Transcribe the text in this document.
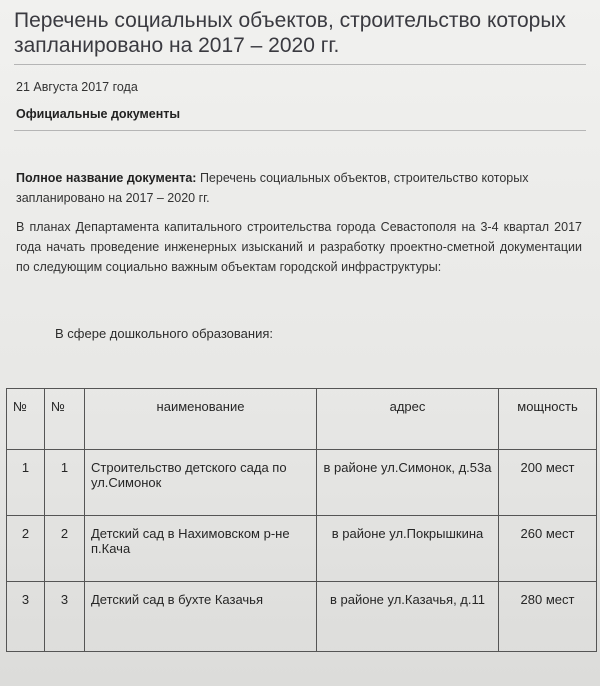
Перечень социальных объектов, строительство которых запланировано на 2017 – 2020 гг.
21 Августа 2017 года
Официальные документы
Полное название документа: Перечень социальных объектов, строительство которых запланировано на 2017 – 2020 гг.
В планах Департамента капитального строительства города Севастополя на 3-4 квартал 2017 года начать проведение инженерных изысканий и разработку проектно-сметной документации по следующим социально важным объектам городской инфраструктуры:
В сфере дошкольного образования:
№	№	наименование	адрес	мощность
1	1	Строительство детского сада по ул.Симонок	в районе ул.Симонок, д.53а	200 мест
2	2	Детский сад в Нахимовском р-не п.Кача	в районе ул.Покрышкина	260 мест
3	3	Детский сад в бухте Казачья	в районе ул.Казачья, д.11	280 мест
